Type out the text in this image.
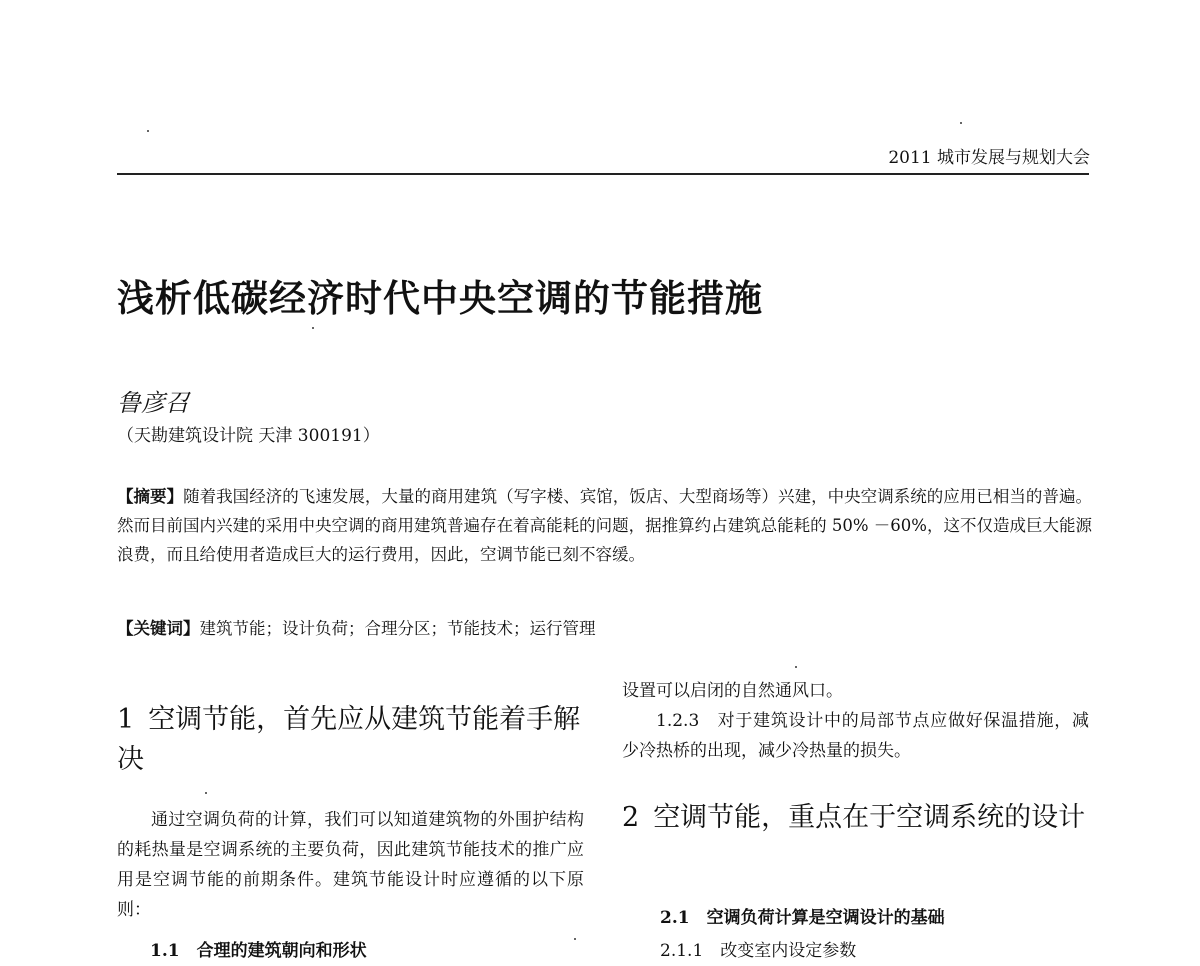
2011 城市发展与规划大会
浅析低碳经济时代中央空调的节能措施
鲁彦召
（天勘建筑设计院 天津 300191）
【摘要】随着我国经济的飞速发展，大量的商用建筑（写字楼、宾馆，饭店、大型商场等）兴建，中央空调系统的应用已相当的普遍。然而目前国内兴建的采用中央空调的商用建筑普遍存在着高能耗的问题，据推算约占建筑总能耗的 50% －60%，这不仅造成巨大能源浪费，而且给使用者造成巨大的运行费用，因此，空调节能已刻不容缓。
【关键词】建筑节能；设计负荷；合理分区；节能技术；运行管理
1 空调节能，首先应从建筑节能着手解决
通过空调负荷的计算，我们可以知道建筑物的外围护结构的耗热量是空调系统的主要负荷，因此建筑节能技术的推广应用是空调节能的前期条件。建筑节能设计时应遵循的以下原则：
1.1　合理的建筑朝向和形状
设置可以启闭的自然通风口。
1.2.3　对于建筑设计中的局部节点应做好保温措施，减少冷热桥的出现，减少冷热量的损失。
2 空调节能，重点在于空调系统的设计
2.1　空调负荷计算是空调设计的基础
2.1.1　改变室内设定参数
